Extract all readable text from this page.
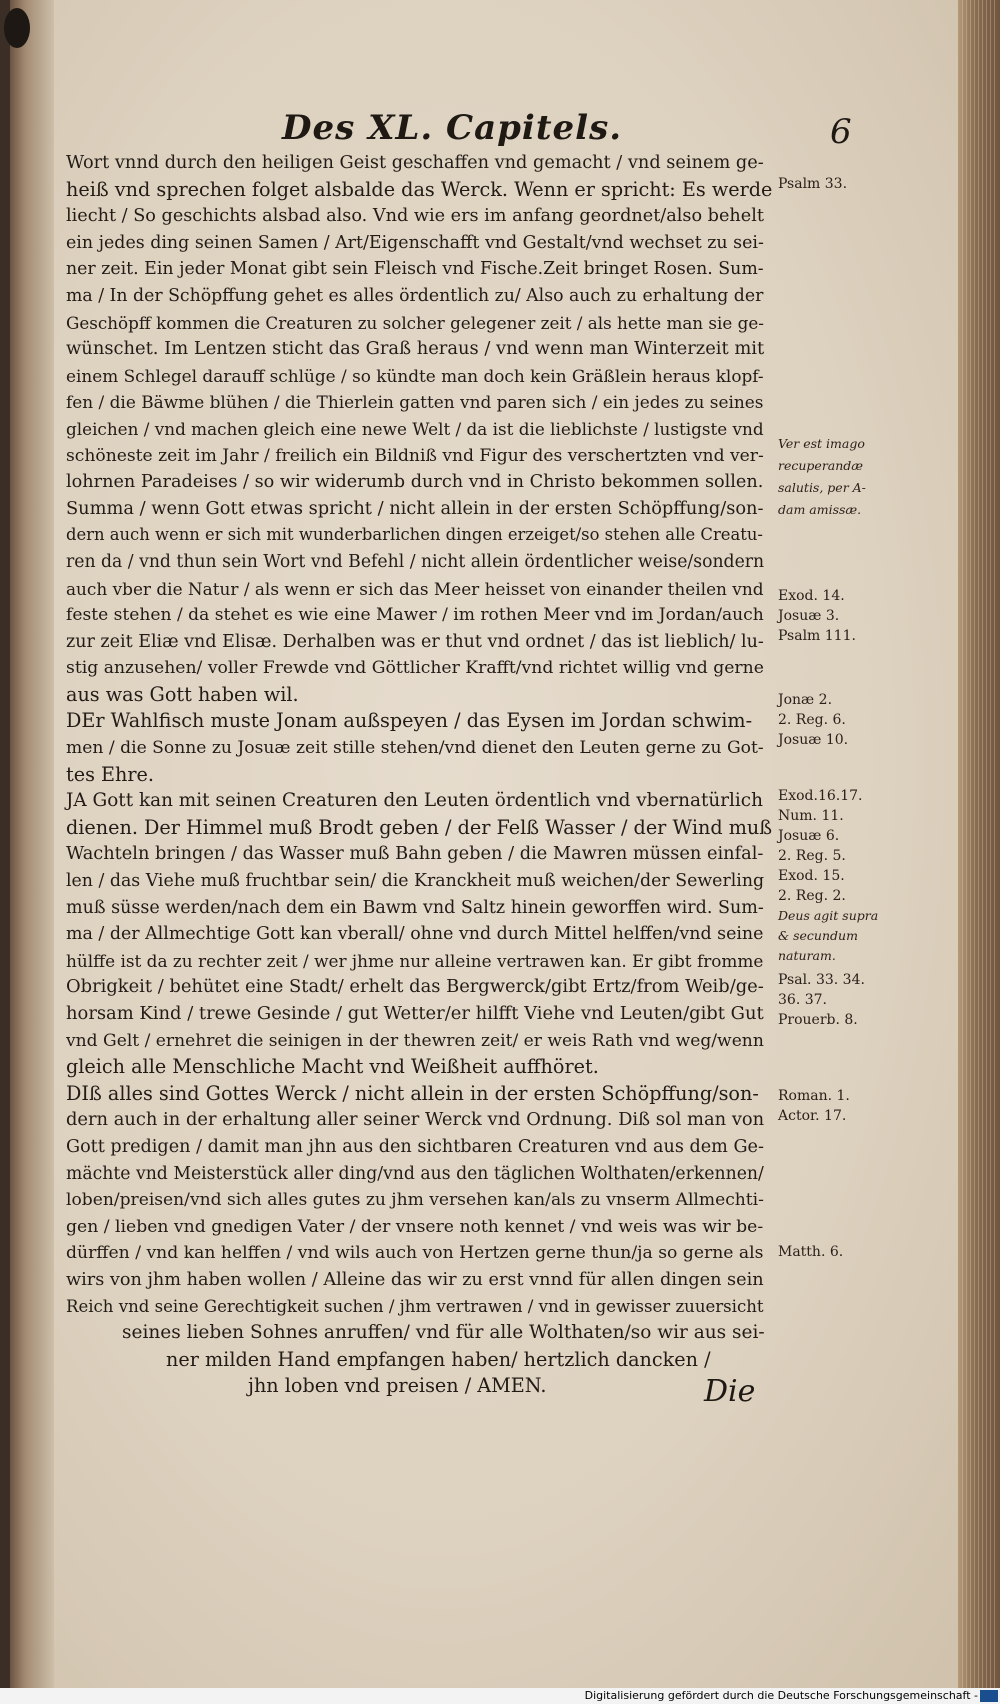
Des XL. Capitels.	6
Wort vnnd durch den heiligen Geist geschaffen vnd gemacht / vnd seinem ge-
heiß vnd sprechen folget alsbalde das Werck. Wenn er spricht: Es werde
liecht / So geschichts alsbad also. Vnd wie ers im anfang geordnet/also behelt
ein jedes ding seinen Samen / Art/Eigenschafft vnd Gestalt/vnd wechset zu sei-
ner zeit. Ein jeder Monat gibt sein Fleisch vnd Fische.Zeit bringet Rosen. Sum-
ma / In der Schöpffung gehet es alles ördentlich zu/ Also auch zu erhaltung der
Geschöpff kommen die Creaturen zu solcher gelegener zeit / als hette man sie ge-
wünschet. Im Lentzen sticht das Graß heraus / vnd wenn man Winterzeit mit
einem Schlegel darauff schlüge / so kündte man doch kein Gräßlein heraus klopf-
fen / die Bäwme blühen / die Thierlein gatten vnd paren sich / ein jedes zu seines
gleichen / vnd machen gleich eine newe Welt / da ist die lieblichste / lustigste vnd
schöneste zeit im Jahr / freilich ein Bildniß vnd Figur des verschertzten vnd ver-
lohrnen Paradeises / so wir widerumb durch vnd in Christo bekommen sollen.
Summa / wenn Gott etwas spricht / nicht allein in der ersten Schöpffung/son-
dern auch wenn er sich mit wunderbarlichen dingen erzeiget/so stehen alle Creatu-
ren da / vnd thun sein Wort vnd Befehl / nicht allein ördentlicher weise/sondern
auch vber die Natur / als wenn er sich das Meer heisset von einander theilen vnd
feste stehen / da stehet es wie eine Mawer / im rothen Meer vnd im Jordan/auch
zur zeit Eliæ vnd Elisæ. Derhalben was er thut vnd ordnet / das ist lieblich/ lu-
stig anzusehen/ voller Frewde vnd Göttlicher Krafft/vnd richtet willig vnd gerne
aus was Gott haben wil.
DEr Wahlfisch muste Jonam außspeyen / das Eysen im Jordan schwim-
men / die Sonne zu Josuæ zeit stille stehen/vnd dienet den Leuten gerne zu Got-
tes Ehre.
JA Gott kan mit seinen Creaturen den Leuten ördentlich vnd vbernatürlich
dienen. Der Himmel muß Brodt geben / der Felß Wasser / der Wind muß
Wachteln bringen / das Wasser muß Bahn geben / die Mawren müssen einfal-
len / das Viehe muß fruchtbar sein/ die Kranckheit muß weichen/der Sewerling
muß süsse werden/nach dem ein Bawm vnd Saltz hinein geworffen wird. Sum-
ma / der Allmechtige Gott kan vberall/ ohne vnd durch Mittel helffen/vnd seine
hülffe ist da zu rechter zeit / wer jhme nur alleine vertrawen kan. Er gibt fromme
Obrigkeit / behütet eine Stadt/ erhelt das Bergwerck/gibt Ertz/from Weib/ge-
horsam Kind / trewe Gesinde / gut Wetter/er hilfft Viehe vnd Leuten/gibt Gut
vnd Gelt / ernehret die seinigen in der thewren zeit/ er weis Rath vnd weg/wenn
gleich alle Menschliche Macht vnd Weißheit auffhöret.
DIß alles sind Gottes Werck / nicht allein in der ersten Schöpffung/son-
dern auch in der erhaltung aller seiner Werck vnd Ordnung. Diß sol man von
Gott predigen / damit man jhn aus den sichtbaren Creaturen vnd aus dem Ge-
mächte vnd Meisterstück aller ding/vnd aus den täglichen Wolthaten/erkennen/
loben/preisen/vnd sich alles gutes zu jhm versehen kan/als zu vnserm Allmechti-
gen / lieben vnd gnedigen Vater / der vnsere noth kennet / vnd weis was wir be-
dürffen / vnd kan helffen / vnd wils auch von Hertzen gerne thun/ja so gerne als
wirs von jhm haben wollen / Alleine das wir zu erst vnnd für allen dingen sein
Reich vnd seine Gerechtigkeit suchen / jhm vertrawen / vnd in gewisser zuuersicht
seines lieben Sohnes anruffen/ vnd für alle Wolthaten/so wir aus sei-
ner milden Hand empfangen haben/ hertzlich dancken /
jhn loben vnd preisen / AMEN.
Psalm 33.
Ver est imago
recuperandæ
salutis, per A-
dam amissæ.
Exod. 14.
Josuæ 3.
Psalm 111.
Jonæ 2.
2. Reg. 6.
Josuæ 10.
Exod.16.17.
Num. 11.
Josuæ 6.
2. Reg. 5.
Exod. 15.
2. Reg. 2.
Deus agit supra
& secundum
naturam.
Psal. 33. 34.
36. 37.
Prouerb. 8.
Roman. 1.
Actor. 17.
Matth. 6.
Die
Digitalisierung gefördert durch die Deutsche Forschungsgemeinschaft -
